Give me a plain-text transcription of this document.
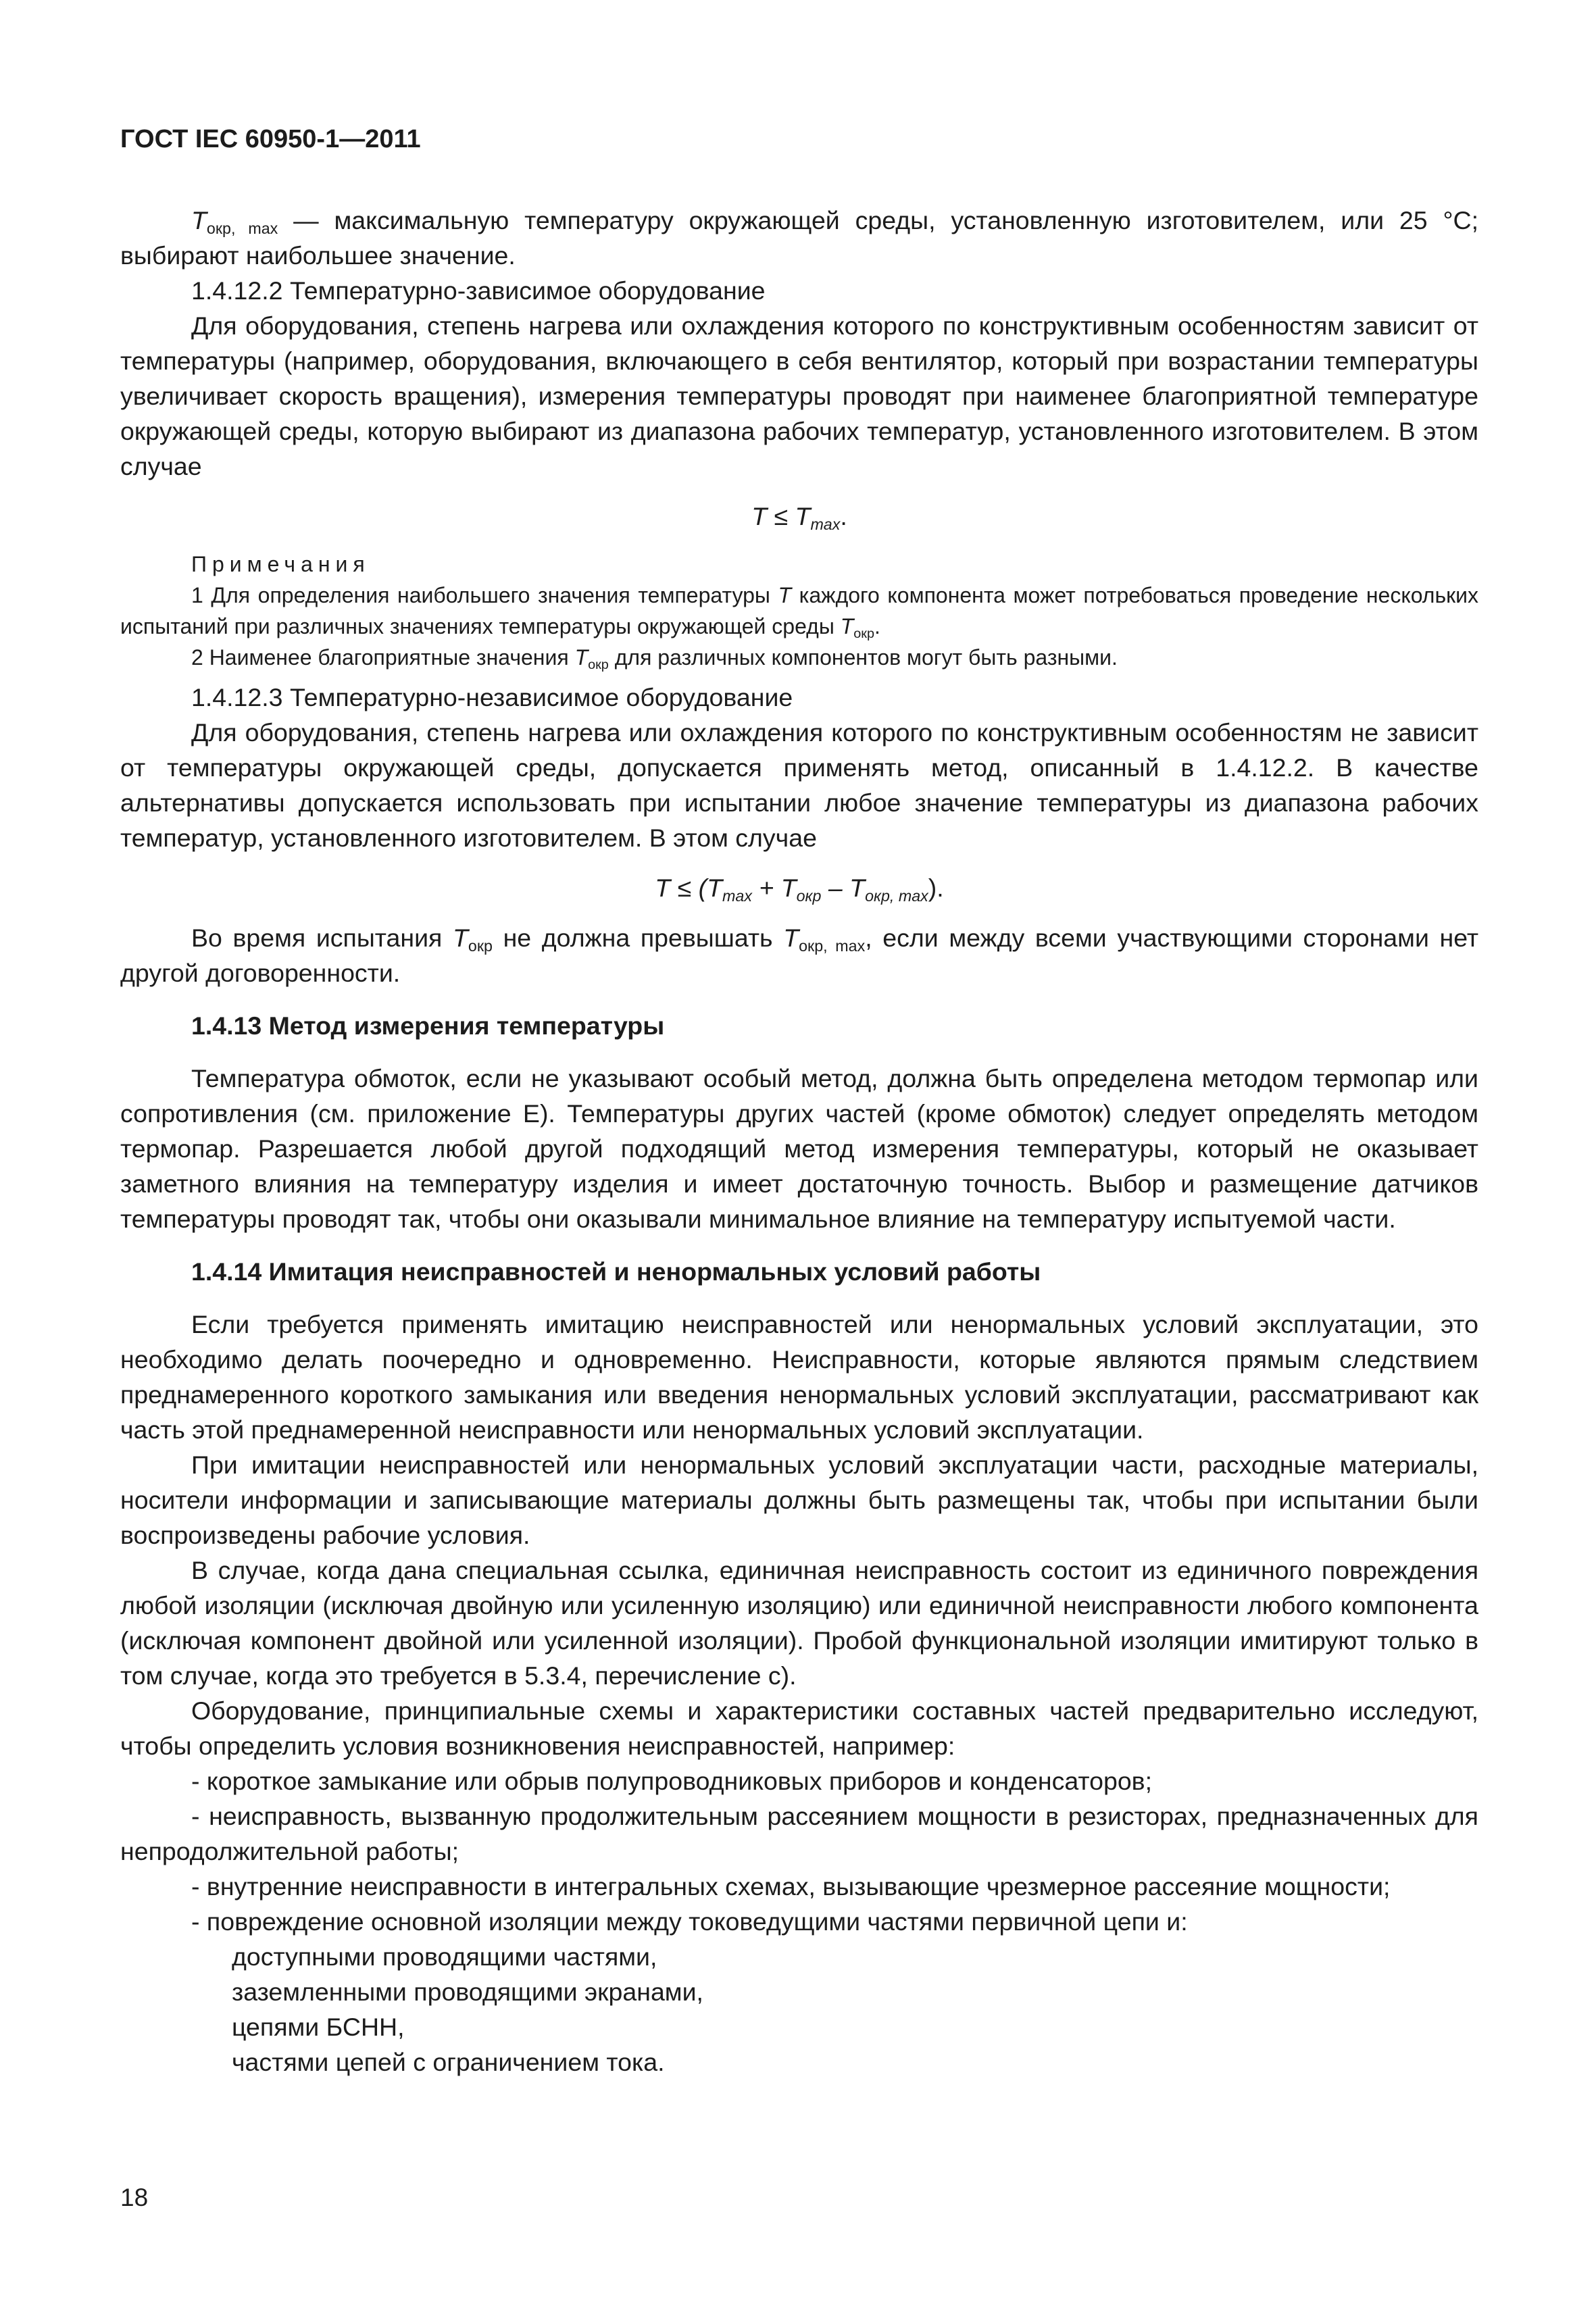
ГОСТ IEC 60950-1—2011

$T_{окр, max}$ — максимальную температуру окружающей среды, установленную изготовителем, или 25 °C; выбирают наибольшее значение.

1.4.12.2 Температурно-зависимое оборудование

Для оборудования, степень нагрева или охлаждения которого по конструктивным особенностям зависит от температуры (например, оборудования, включающего в себя вентилятор, который при возрастании температуры увеличивает скорость вращения), измерения температуры проводят при наименее благоприятной температуре окружающей среды, которую выбирают из диапазона рабочих температур, установленного изготовителем. В этом случае

$T \le T_{max}$.

Примечания

1 Для определения наибольшего значения температуры T каждого компонента может потребоваться проведение нескольких испытаний при различных значениях температуры окружающей среды $T_{окр}$.

2 Наименее благоприятные значения $T_{окр}$ для различных компонентов могут быть разными.

1.4.12.3 Температурно-независимое оборудование

Для оборудования, степень нагрева или охлаждения которого по конструктивным особенностям не зависит от температуры окружающей среды, допускается применять метод, описанный в 1.4.12.2. В качестве альтернативы допускается использовать при испытании любое значение температуры из диапазона рабочих температур, установленного изготовителем. В этом случае

$T \le (T_{max} + T_{окр} - T_{окр, max})$.

Во время испытания $T_{окр}$ не должна превышать $T_{окр, max}$, если между всеми участвующими сторонами нет другой договоренности.

1.4.13 Метод измерения температуры

Температура обмоток, если не указывают особый метод, должна быть определена методом термопар или сопротивления (см. приложение Е). Температуры других частей (кроме обмоток) следует определять методом термопар. Разрешается любой другой подходящий метод измерения температуры, который не оказывает заметного влияния на температуру изделия и имеет достаточную точность. Выбор и размещение датчиков температуры проводят так, чтобы они оказывали минимальное влияние на температуру испытуемой части.

1.4.14 Имитация неисправностей и ненормальных условий работы

Если требуется применять имитацию неисправностей или ненормальных условий эксплуатации, это необходимо делать поочередно и одновременно. Неисправности, которые являются прямым следствием преднамеренного короткого замыкания или введения ненормальных условий эксплуатации, рассматривают как часть этой преднамеренной неисправности или ненормальных условий эксплуатации.

При имитации неисправностей или ненормальных условий эксплуатации части, расходные материалы, носители информации и записывающие материалы должны быть размещены так, чтобы при испытании были воспроизведены рабочие условия.

В случае, когда дана специальная ссылка, единичная неисправность состоит из единичного повреждения любой изоляции (исключая двойную или усиленную изоляцию) или единичной неисправности любого компонента (исключая компонент двойной или усиленной изоляции). Пробой функциональной изоляции имитируют только в том случае, когда это требуется в 5.3.4, перечисление с).

Оборудование, принципиальные схемы и характеристики составных частей предварительно исследуют, чтобы определить условия возникновения неисправностей, например:

- короткое замыкание или обрыв полупроводниковых приборов и конденсаторов;

- неисправность, вызванную продолжительным рассеянием мощности в резисторах, предназначенных для непродолжительной работы;

- внутренние неисправности в интегральных схемах, вызывающие чрезмерное рассеяние мощности;

- повреждение основной изоляции между токоведущими частями первичной цепи и:

доступными проводящими частями,

заземленными проводящими экранами,

цепями БСНН,

частями цепей с ограничением тока.

18
